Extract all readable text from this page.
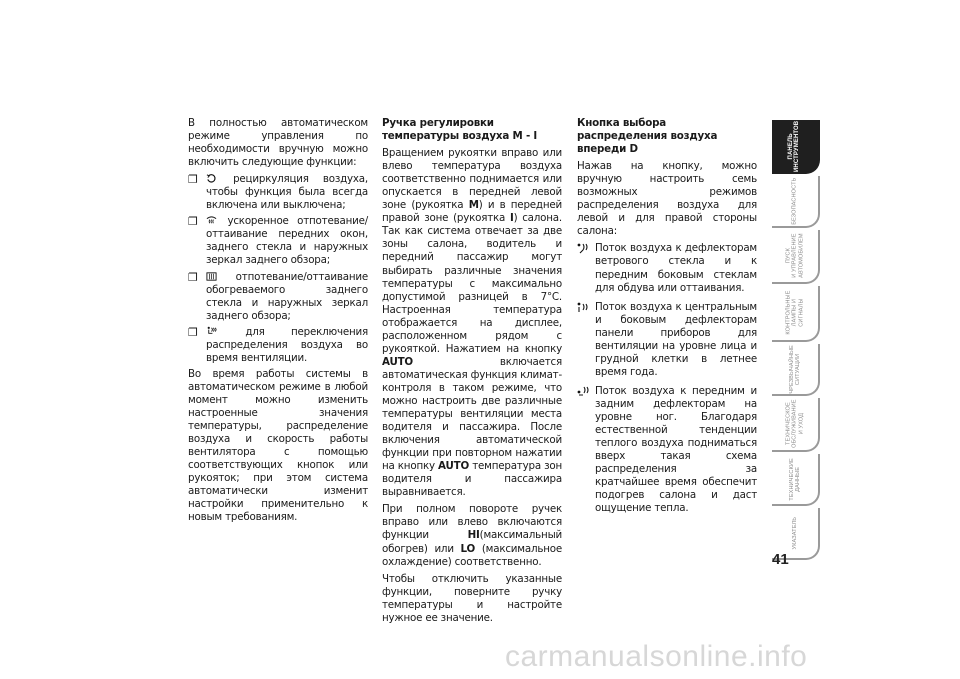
В полностью автоматическом режиме управления по необходимости вручную можно включить следующие функции:

❐ рециркуляция воздуха, чтобы функция была всегда включена или выключена;
❐ ускоренное отпотевание/оттаивание передних окон, заднего стекла и наружных зеркал заднего обзора;
❐ отпотевание/оттаивание обогреваемого заднего стекла и наружных зеркал заднего обзора;
❐ для переключения распределения воздуха во время вентиляции.

Во время работы системы в автоматическом режиме в любой момент можно изменить настроенные значения температуры, распределение воздуха и скорость работы вентилятора с помощью соответствующих кнопок или рукояток; при этом система автоматически изменит настройки применительно к новым требованиям.

Ручка регулировки температуры воздуха M - I

Вращением рукоятки вправо или влево температура воздуха соответственно поднимается или опускается в передней левой зоне (рукоятка M) и в передней правой зоне (рукоятка I) салона. Так как система отвечает за две зоны салона, водитель и передний пассажир могут выбирать различные значения температуры с максимально допустимой разницей в 7°C. Настроенная температура отображается на дисплее, расположенном рядом с рукояткой. Нажатием на кнопку AUTO включается автоматическая функция климат-контроля в таком режиме, что можно настроить две различные температуры вентиляции места водителя и пассажира. После включения автоматической функции при повторном нажатии на кнопку AUTO температура зон водителя и пассажира выравнивается.

При полном повороте ручек вправо или влево включаются функции HI(максимальный обогрев) или LO (максимальное охлаждение) соответственно.

Чтобы отключить указанные функции, поверните ручку температуры и настройте нужное ее значение.

Кнопка выбора распределения воздуха впереди D

Нажав на кнопку, можно вручную настроить семь возможных режимов распределения воздуха для левой и для правой стороны салона:

Поток воздуха к дефлекторам ветрового стекла и к передним боковым стеклам для обдува или оттаивания.
Поток воздуха к центральным и боковым дефлекторам панели приборов для вентиляции на уровне лица и грудной клетки в летнее время года.
Поток воздуха к передним и задним дефлекторам на уровне ног. Благодаря естественной тенденции теплого воздуха подниматься вверх такая схема распределения за кратчайшее время обеспечит подогрев салона и даст ощущение тепла.
ПАНЕЛЬ
ИНСТРУМЕНТОВ
БЕЗОПАСНОСТЬ
ПУСК
И УПРАВЛЕНИЕ
АВТОМОБИЛЕМ
КОНТРОЛЬНЫЕ
ЛАМПЫ И
СИГНАЛЫ
ЧРЕЗВЫЧАЙНЫЕ
СИТУАЦИИ
ТЕХНИЧЕСКОЕ
ОБСЛУЖИВАНИЕ
И УХОД
ТЕХНИЧЕСКИЕ
ДАННЫЕ
УКАЗАТЕЛЬ
41
carmanualsonline.info
